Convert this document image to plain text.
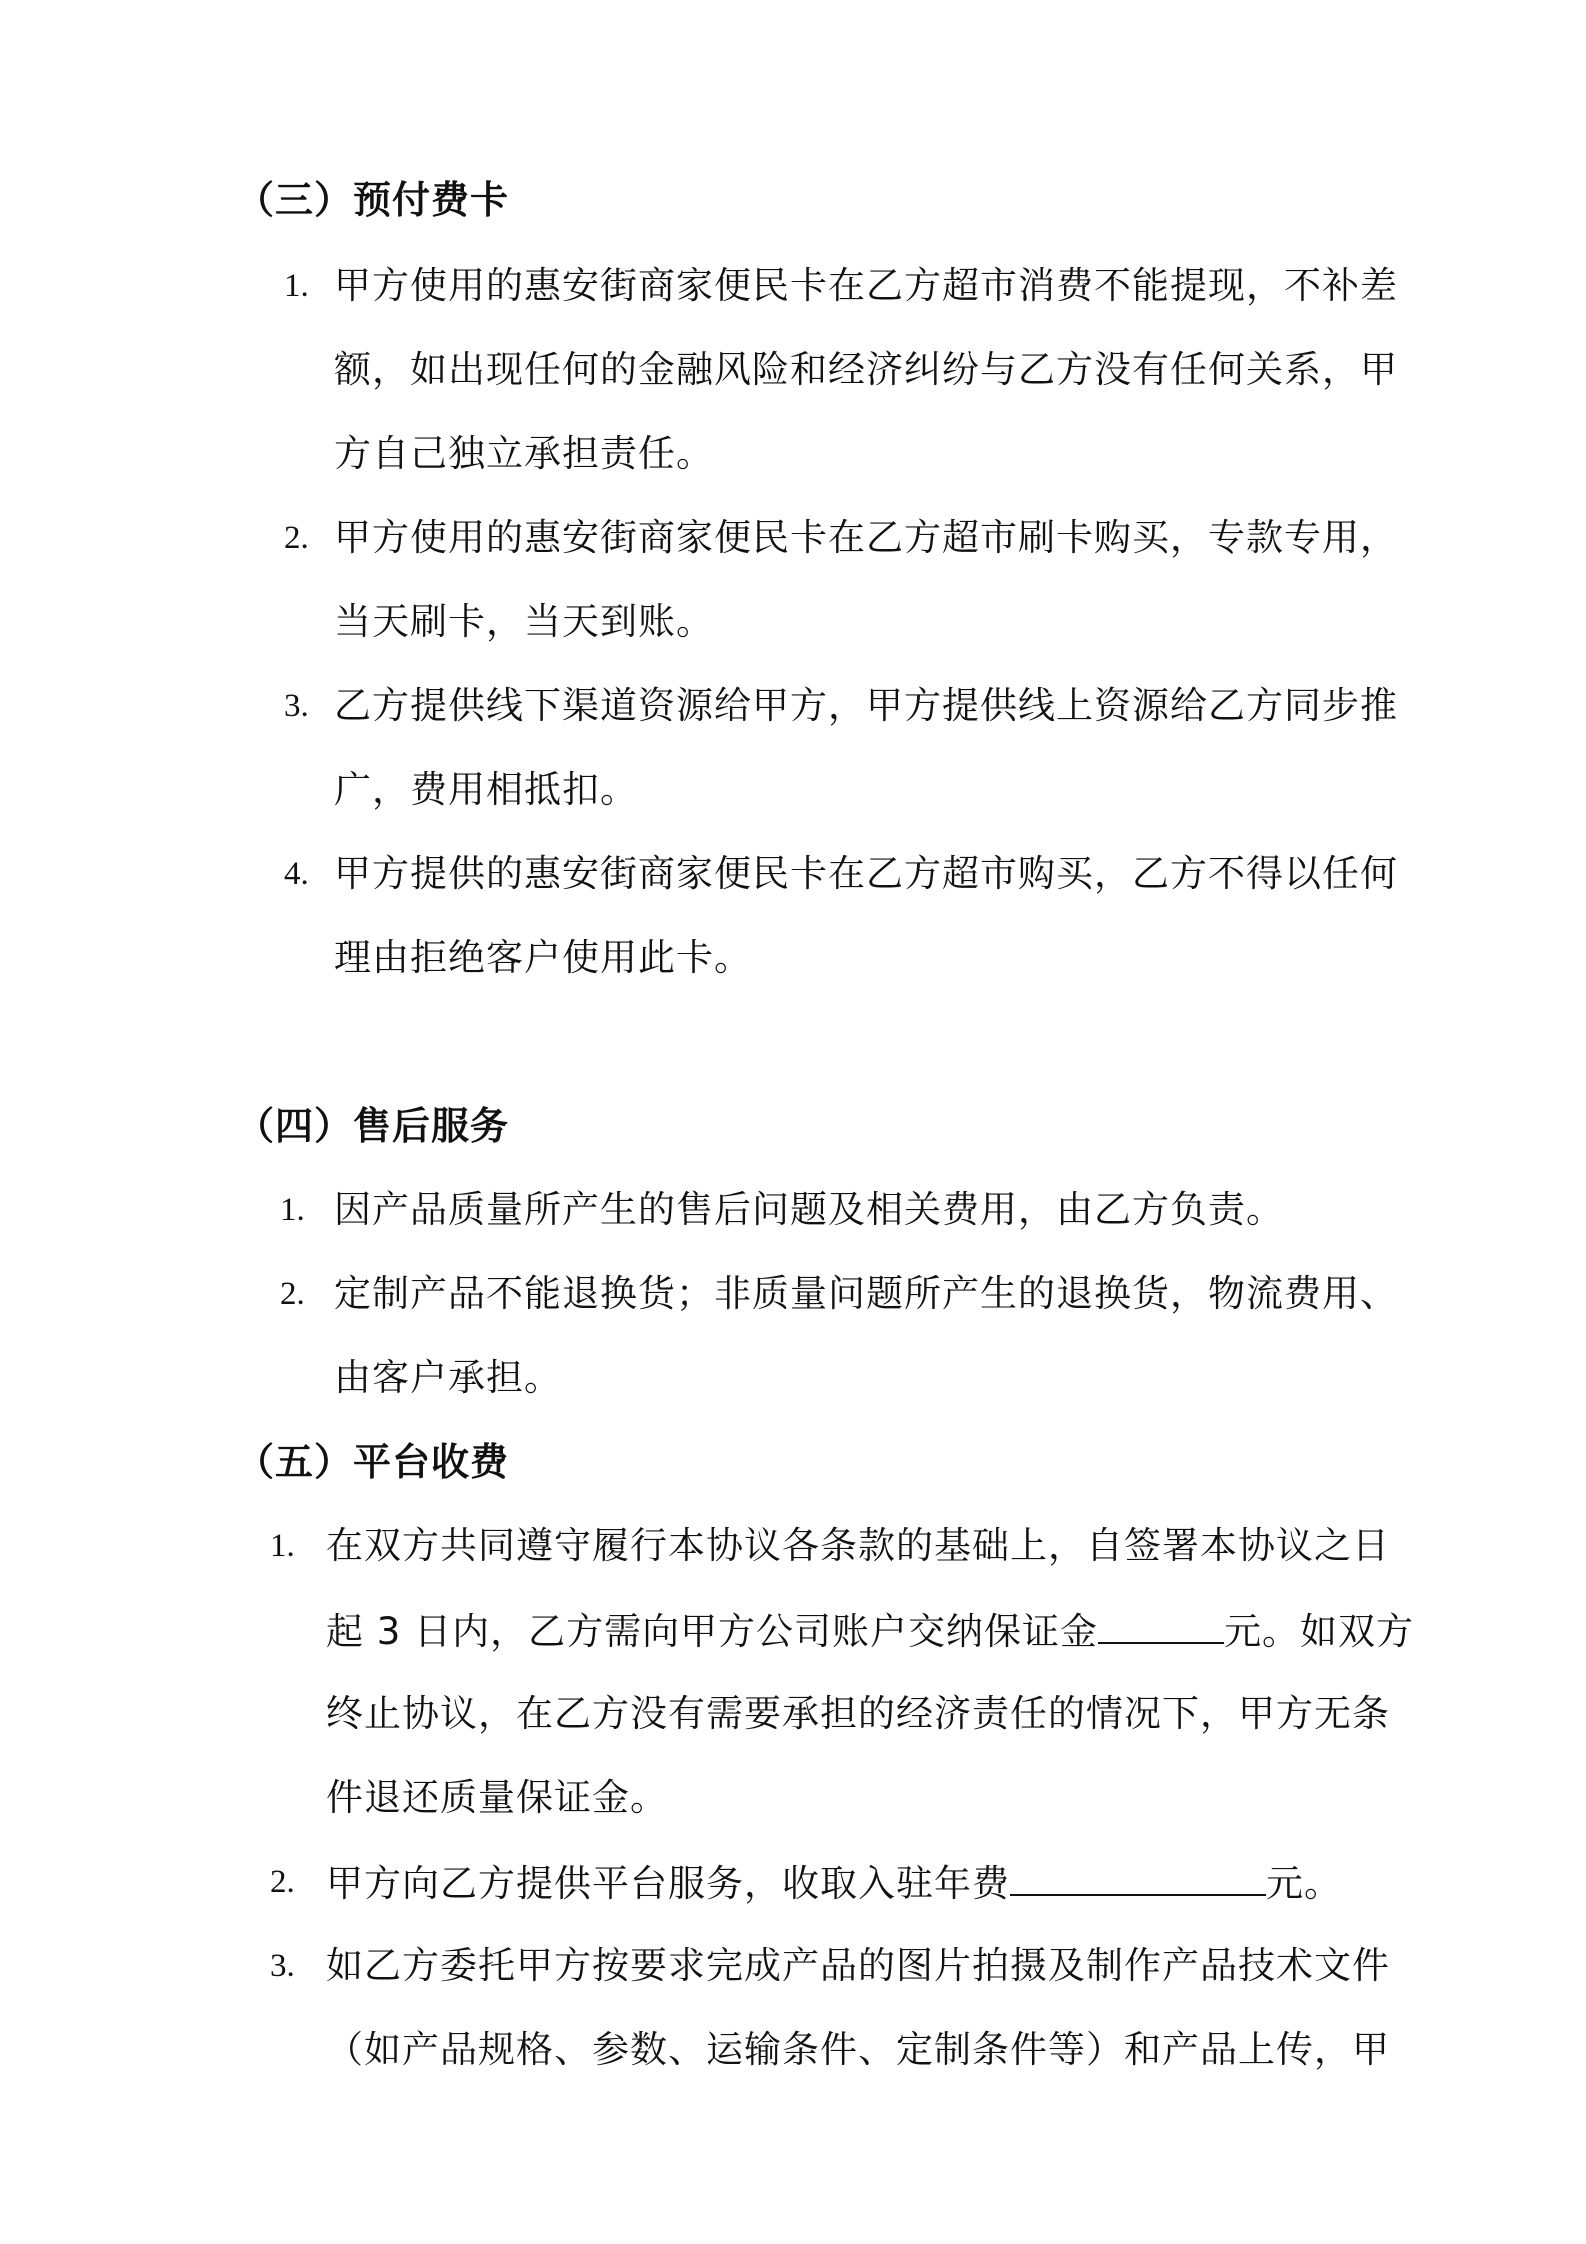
（三）预付费卡
1. 甲方使用的惠安街商家便民卡在乙方超市消费不能提现，不补差
额，如出现任何的金融风险和经济纠纷与乙方没有任何关系，甲
方自己独立承担责任。
2. 甲方使用的惠安街商家便民卡在乙方超市刷卡购买，专款专用，
当天刷卡，当天到账。
3. 乙方提供线下渠道资源给甲方，甲方提供线上资源给乙方同步推
广，费用相抵扣。
4. 甲方提供的惠安街商家便民卡在乙方超市购买，乙方不得以任何
理由拒绝客户使用此卡。
（四）售后服务
1. 因产品质量所产生的售后问题及相关费用，由乙方负责。
2. 定制产品不能退换货；非质量问题所产生的退换货，物流费用、
由客户承担。
（五）平台收费
1. 在双方共同遵守履行本协议各条款的基础上，自签署本协议之日
起 3 日内，乙方需向甲方公司账户交纳保证金	元。如双方
终止协议，在乙方没有需要承担的经济责任的情况下，甲方无条
件退还质量保证金。
2. 甲方向乙方提供平台服务，收取入驻年费	元。
3. 如乙方委托甲方按要求完成产品的图片拍摄及制作产品技术文件
（如产品规格、参数、运输条件、定制条件等）和产品上传，甲
